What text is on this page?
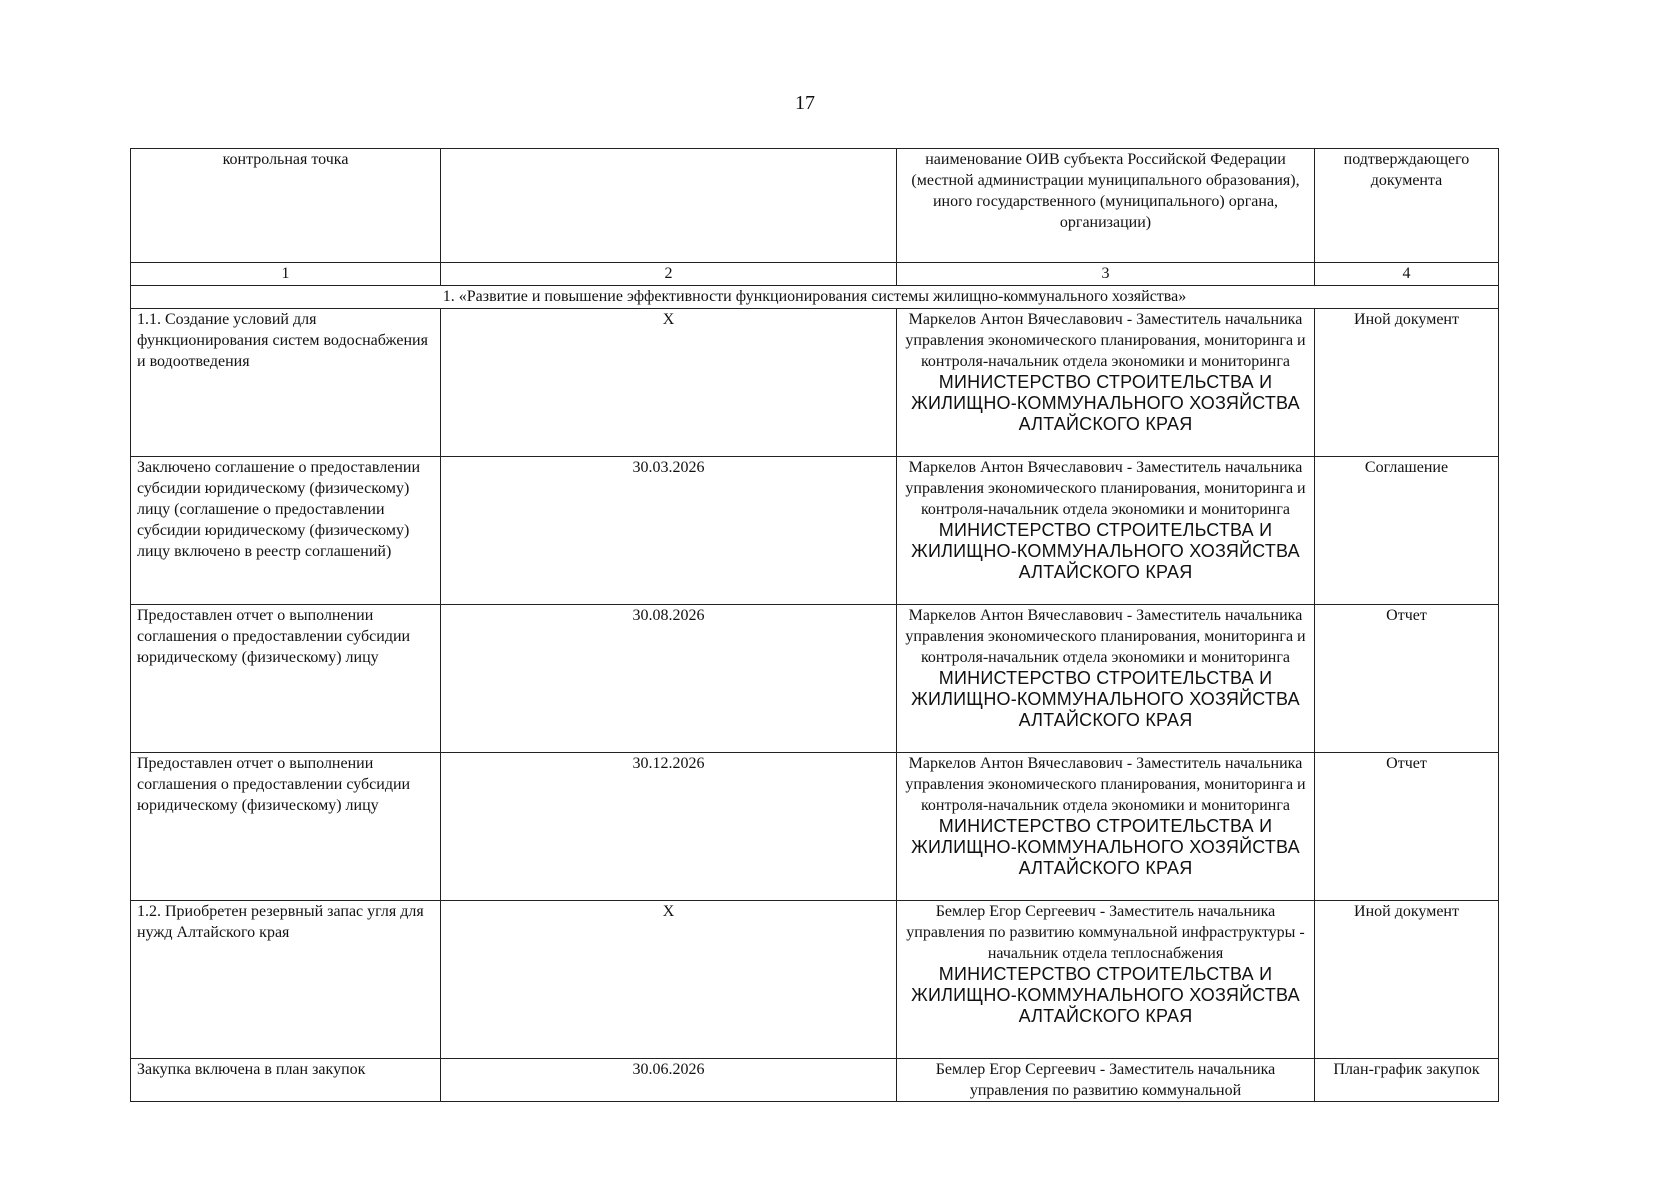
17
контрольная точка		наименование ОИВ субъекта Российской Федерации (местной администрации муниципального образования), иного государственного (муниципального) органа, организации)	подтверждающего документа
1	2	3	4
1. «Развитие и повышение эффективности функционирования системы жилищно-коммунального хозяйства»			
1.1. Создание условий для функционирования систем водоснабжения и водоотведения	X	Маркелов Антон Вячеславович - Заместитель начальника управления экономического планирования, мониторинга и контроля-начальник отдела экономики и мониторинга
МИНИСТЕРСТВО СТРОИТЕЛЬСТВА И ЖИЛИЩНО-КОММУНАЛЬНОГО ХОЗЯЙСТВА АЛТАЙСКОГО КРАЯ	Иной документ
Заключено соглашение о предоставлении субсидии юридическому (физическому) лицу (соглашение о предоставлении субсидии юридическому (физическому) лицу включено в реестр соглашений)	30.03.2026	Маркелов Антон Вячеславович - Заместитель начальника управления экономического планирования, мониторинга и контроля-начальник отдела экономики и мониторинга
МИНИСТЕРСТВО СТРОИТЕЛЬСТВА И ЖИЛИЩНО-КОММУНАЛЬНОГО ХОЗЯЙСТВА АЛТАЙСКОГО КРАЯ	Соглашение
Предоставлен отчет о выполнении соглашения о предоставлении субсидии юридическому (физическому) лицу	30.08.2026	Маркелов Антон Вячеславович - Заместитель начальника управления экономического планирования, мониторинга и контроля-начальник отдела экономики и мониторинга
МИНИСТЕРСТВО СТРОИТЕЛЬСТВА И ЖИЛИЩНО-КОММУНАЛЬНОГО ХОЗЯЙСТВА АЛТАЙСКОГО КРАЯ	Отчет
Предоставлен отчет о выполнении соглашения о предоставлении субсидии юридическому (физическому) лицу	30.12.2026	Маркелов Антон Вячеславович - Заместитель начальника управления экономического планирования, мониторинга и контроля-начальник отдела экономики и мониторинга
МИНИСТЕРСТВО СТРОИТЕЛЬСТВА И ЖИЛИЩНО-КОММУНАЛЬНОГО ХОЗЯЙСТВА АЛТАЙСКОГО КРАЯ	Отчет
1.2. Приобретен резервный запас угля для нужд Алтайского края	X	Бемлер Егор Сергеевич - Заместитель начальника управления по развитию коммунальной инфраструктуры - начальник отдела теплоснабжения
МИНИСТЕРСТВО СТРОИТЕЛЬСТВА И ЖИЛИЩНО-КОММУНАЛЬНОГО ХОЗЯЙСТВА АЛТАЙСКОГО КРАЯ	Иной документ
Закупка включена в план закупок	30.06.2026	Бемлер Егор Сергеевич - Заместитель начальника управления по развитию коммунальной	План-график закупок
